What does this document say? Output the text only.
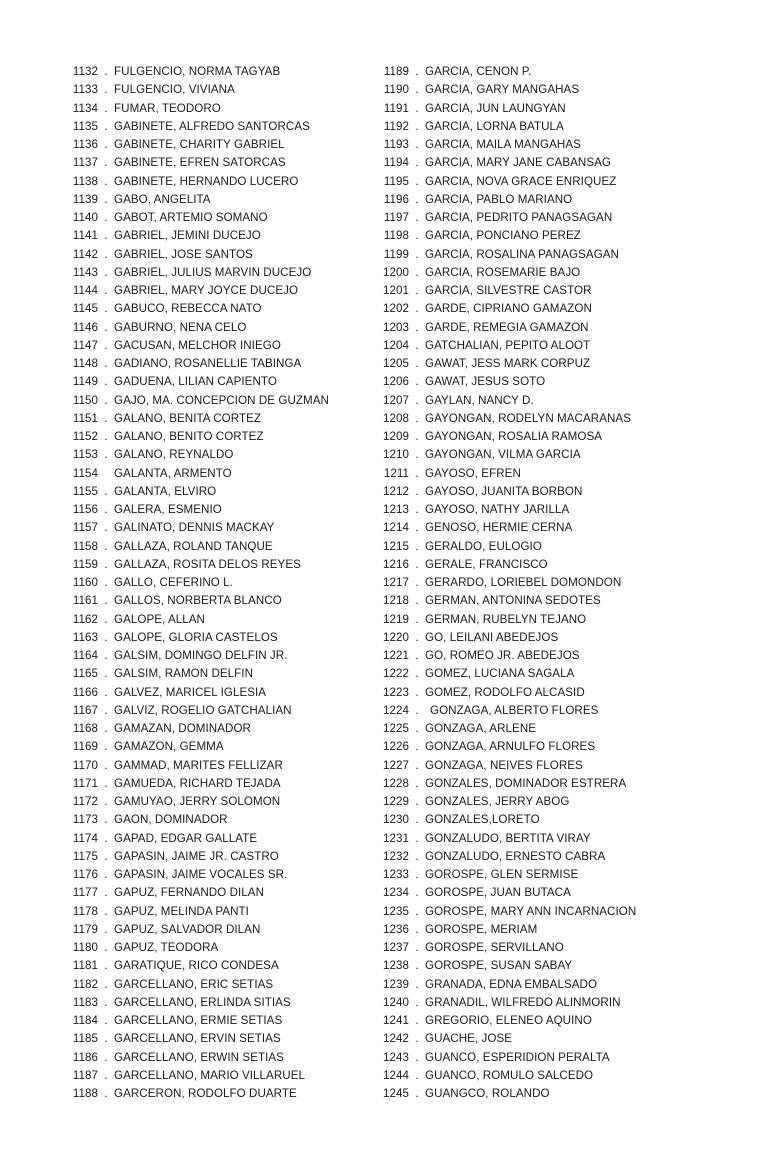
1132 . FULGENCIO, NORMA TAGYAB
1133 . FULGENCIO, VIVIANA
1134 . FUMAR, TEODORO
1135 . GABINETE, ALFREDO SANTORCAS
1136 . GABINETE, CHARITY GABRIEL
1137 . GABINETE, EFREN SATORCAS
1138 . GABINETE, HERNANDO LUCERO
1139 . GABO, ANGELITA
1140 . GABOT, ARTEMIO SOMANO
1141 . GABRIEL, JEMINI DUCEJO
1142 . GABRIEL, JOSE SANTOS
1143 . GABRIEL, JULIUS MARVIN DUCEJO
1144 . GABRIEL, MARY JOYCE DUCEJO
1145 . GABUCO, REBECCA NATO
1146 . GABURNO, NENA CELO
1147 . GACUSAN, MELCHOR INIEGO
1148 . GADIANO, ROSANELLIE TABINGA
1149 . GADUENA, LILIAN CAPIENTO
1150 . GAJO, MA. CONCEPCION DE GUZMAN
1151 . GALANO, BENITA CORTEZ
1152 . GALANO, BENITO CORTEZ
1153 . GALANO, REYNALDO
1154 GALANTA, ARMENTO
1155 . GALANTA, ELVIRO
1156 . GALERA, ESMENIO
1157 . GALINATO, DENNIS MACKAY
1158 . GALLAZA, ROLAND TANQUE
1159 . GALLAZA, ROSITA DELOS REYES
1160 . GALLO, CEFERINO L.
1161 . GALLOS, NORBERTA BLANCO
1162 . GALOPE, ALLAN
1163 . GALOPE, GLORIA CASTELOS
1164 . GALSIM, DOMINGO DELFIN JR.
1165 . GALSIM, RAMON DELFIN
1166 . GALVEZ, MARICEL IGLESIA
1167 . GALVIZ, ROGELIO GATCHALIAN
1168 . GAMAZAN, DOMINADOR
1169 . GAMAZON, GEMMA
1170 . GAMMAD, MARITES FELLIZAR
1171 . GAMUEDA, RICHARD TEJADA
1172 . GAMUYAO, JERRY SOLOMON
1173 . GAON, DOMINADOR
1174 . GAPAD, EDGAR GALLATE
1175 . GAPASIN, JAIME JR. CASTRO
1176 . GAPASIN, JAIME VOCALES SR.
1177 . GAPUZ, FERNANDO DILAN
1178 . GAPUZ, MELINDA PANTI
1179 . GAPUZ, SALVADOR DILAN
1180 . GAPUZ, TEODORA
1181 . GARATIQUE, RICO CONDESA
1182 . GARCELLANO, ERIC SETIAS
1183 . GARCELLANO, ERLINDA SITIAS
1184 . GARCELLANO, ERMIE SETIAS
1185 . GARCELLANO, ERVIN SETIAS
1186 . GARCELLANO, ERWIN SETIAS
1187 . GARCELLANO, MARIO VILLARUEL
1188 . GARCERON, RODOLFO DUARTE
1189 . GARCIA, CENON P.
1190 . GARCIA, GARY MANGAHAS
1191 . GARCIA, JUN LAUNGYAN
1192 . GARCIA, LORNA BATULA
1193 . GARCIA, MAILA MANGAHAS
1194 . GARCIA, MARY JANE CABANSAG
1195 . GARCIA, NOVA GRACE ENRIQUEZ
1196 . GARCIA, PABLO MARIANO
1197 . GARCIA, PEDRITO PANAGSAGAN
1198 . GARCIA, PONCIANO PEREZ
1199 . GARCIA, ROSALINA PANAGSAGAN
1200 . GARCIA, ROSEMARIE BAJO
1201 . GARCIA, SILVESTRE CASTOR
1202 . GARDE, CIPRIANO GAMAZON
1203 . GARDE, REMEGIA GAMAZON
1204 . GATCHALIAN, PEPITO ALOOT
1205 . GAWAT, JESS MARK CORPUZ
1206 . GAWAT, JESUS SOTO
1207 . GAYLAN, NANCY D.
1208 . GAYONGAN, RODELYN MACARANAS
1209 . GAYONGAN, ROSALIA RAMOSA
1210 . GAYONGAN, VILMA GARCIA
1211 . GAYOSO, EFREN
1212 . GAYOSO, JUANITA BORBON
1213 . GAYOSO, NATHY JARILLA
1214 . GENOSO, HERMIE CERNA
1215 . GERALDO, EULOGIO
1216 . GERALE, FRANCISCO
1217 . GERARDO, LORIEBEL DOMONDON
1218 . GERMAN, ANTONINA SEDOTES
1219 . GERMAN, RUBELYN TEJANO
1220 . GO, LEILANI ABEDEJOS
1221 . GO, ROMEO JR. ABEDEJOS
1222 . GOMEZ, LUCIANA SAGALA
1223 . GOMEZ, RODOLFO ALCASID
1224 . GONZAGA, ALBERTO FLORES
1225 . GONZAGA, ARLENE
1226 . GONZAGA, ARNULFO FLORES
1227 . GONZAGA, NEIVES FLORES
1228 . GONZALES, DOMINADOR ESTRERA
1229 . GONZALES, JERRY ABOG
1230 . GONZALES,LORETO
1231 . GONZALUDO, BERTITA VIRAY
1232 . GONZALUDO, ERNESTO CABRA
1233 . GOROSPE, GLEN SERMISE
1234 . GOROSPE, JUAN BUTACA
1235 . GOROSPE, MARY ANN INCARNACION
1236 . GOROSPE, MERIAM
1237 . GOROSPE, SERVILLANO
1238 . GOROSPE, SUSAN SABAY
1239 . GRANADA, EDNA EMBALSADO
1240 . GRANADIL, WILFREDO ALINMORIN
1241 . GREGORIO, ELENEO AQUINO
1242 . GUACHE, JOSE
1243 . GUANCO, ESPERIDION PERALTA
1244 . GUANCO, ROMULO SALCEDO
1245 . GUANGCO, ROLANDO
